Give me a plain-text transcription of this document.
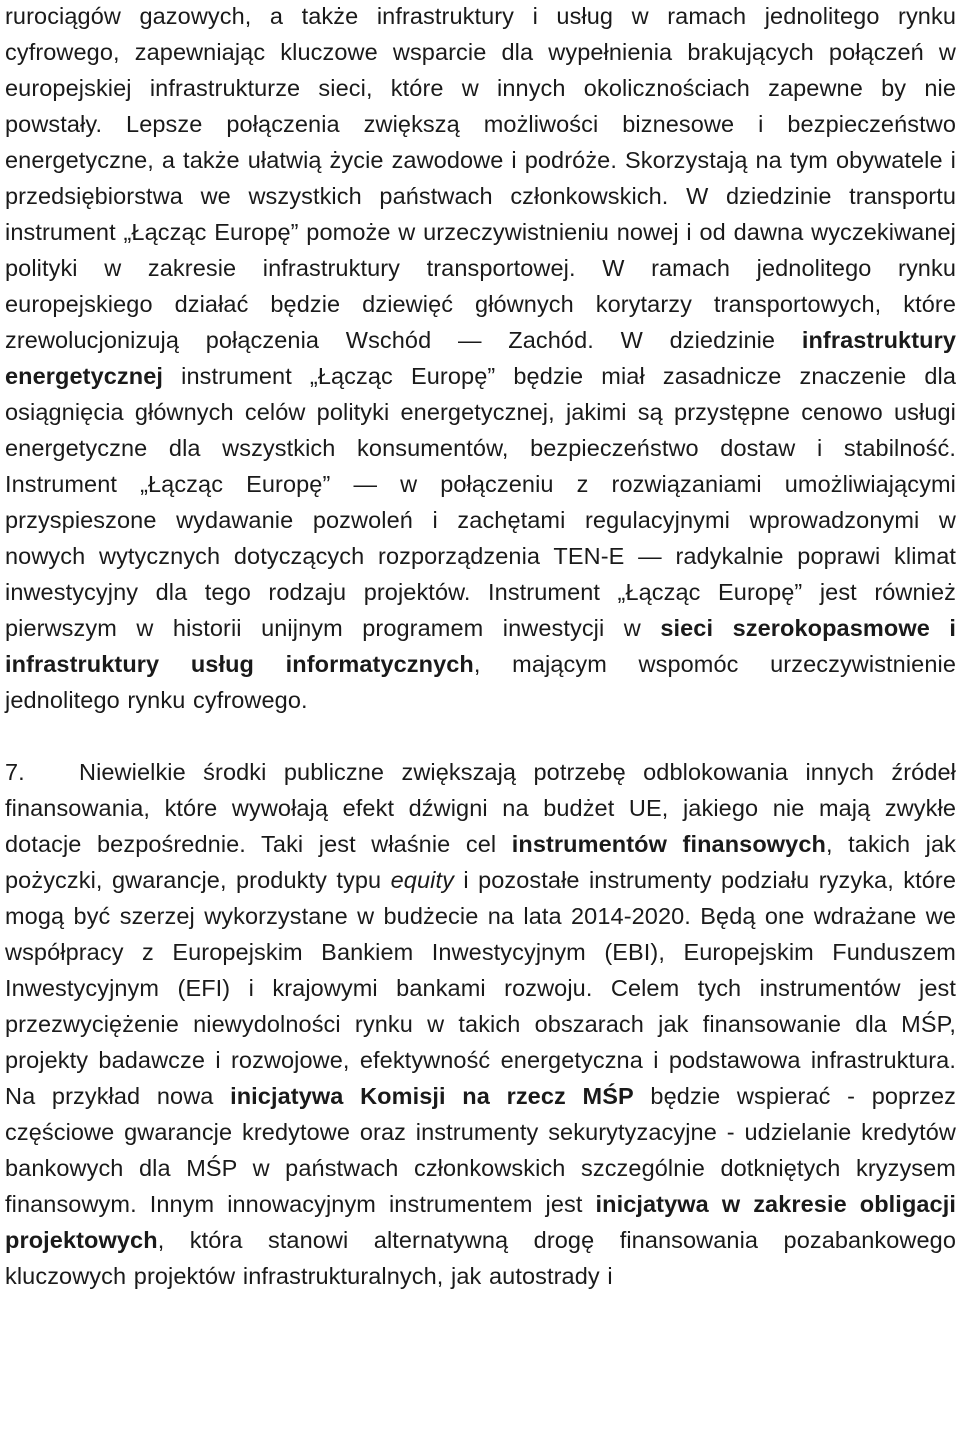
rurociągów gazowych, a także infrastruktury i usług w ramach jednolitego rynku cyfrowego, zapewniając kluczowe wsparcie dla wypełnienia brakujących połączeń w europejskiej infrastrukturze sieci, które w innych okolicznościach zapewne by nie powstały. Lepsze połączenia zwiększą możliwości biznesowe i bezpieczeństwo energetyczne, a także ułatwią życie zawodowe i podróże. Skorzystają na tym obywatele i przedsiębiorstwa we wszystkich państwach członkowskich. W dziedzinie transportu instrument „Łącząc Europę” pomoże w urzeczywistnieniu nowej i od dawna wyczekiwanej polityki w zakresie infrastruktury transportowej. W ramach jednolitego rynku europejskiego działać będzie dziewięć głównych korytarzy transportowych, które zrewolucjonizują połączenia Wschód — Zachód. W dziedzinie infrastruktury energetycznej instrument „Łącząc Europę” będzie miał zasadnicze znaczenie dla osiągnięcia głównych celów polityki energetycznej, jakimi są przystępne cenowo usługi energetyczne dla wszystkich konsumentów, bezpieczeństwo dostaw i stabilność. Instrument „Łącząc Europę” — w połączeniu z rozwiązaniami umożliwiającymi przyspieszone wydawanie pozwoleń i zachętami regulacyjnymi wprowadzonymi w nowych wytycznych dotyczących rozporządzenia TEN-E — radykalnie poprawi klimat inwestycyjny dla tego rodzaju projektów. Instrument „Łącząc Europę” jest również pierwszym w historii unijnym programem inwestycji w sieci szerokopasmowe i infrastruktury usług informatycznych, mającym wspomóc urzeczywistnienie jednolitego rynku cyfrowego.

7. Niewielkie środki publiczne zwiększają potrzebę odblokowania innych źródeł finansowania, które wywołają efekt dźwigni na budżet UE, jakiego nie mają zwykłe dotacje bezpośrednie. Taki jest właśnie cel instrumentów finansowych, takich jak pożyczki, gwarancje, produkty typu equity i pozostałe instrumenty podziału ryzyka, które mogą być szerzej wykorzystane w budżecie na lata 2014-2020. Będą one wdrażane we współpracy z Europejskim Bankiem Inwestycyjnym (EBI), Europejskim Funduszem Inwestycyjnym (EFI) i krajowymi bankami rozwoju. Celem tych instrumentów jest przezwyciężenie niewydolności rynku w takich obszarach jak finansowanie dla MŚP, projekty badawcze i rozwojowe, efektywność energetyczna i podstawowa infrastruktura. Na przykład nowa inicjatywa Komisji na rzecz MŚP będzie wspierać - poprzez częściowe gwarancje kredytowe oraz instrumenty sekurytyzacyjne - udzielanie kredytów bankowych dla MŚP w państwach członkowskich szczególnie dotkniętych kryzysem finansowym. Innym innowacyjnym instrumentem jest inicjatywa w zakresie obligacji projektowych, która stanowi alternatywną drogę finansowania pozabankowego kluczowych projektów infrastrukturalnych, jak autostrady i
